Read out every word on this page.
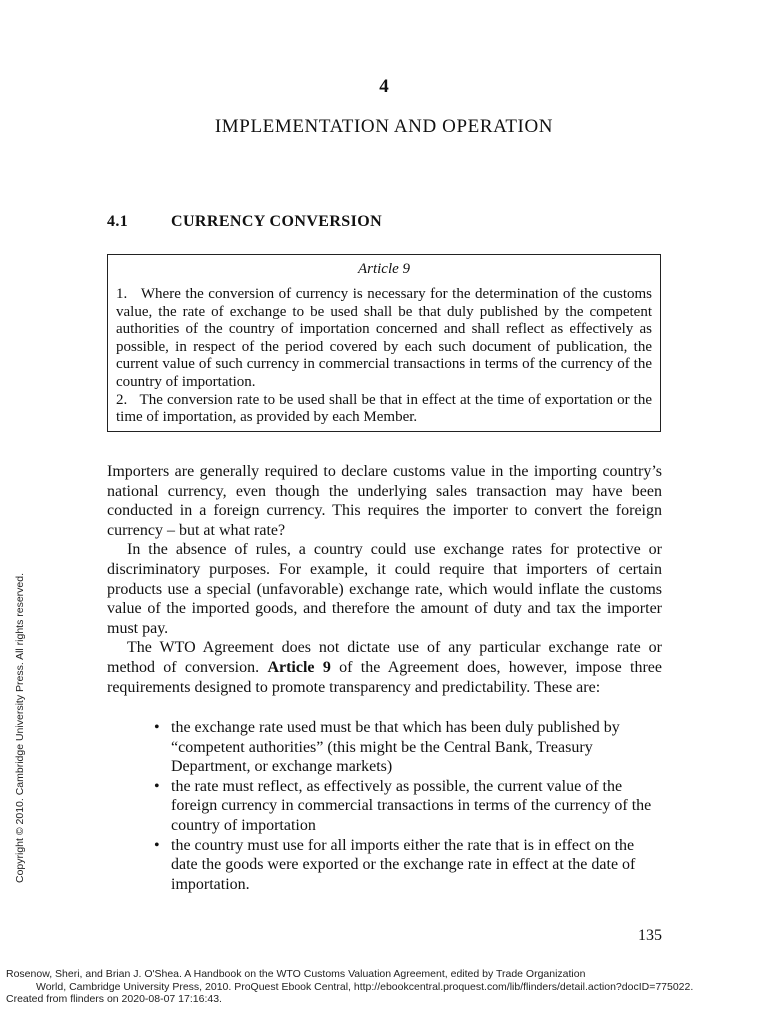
4
IMPLEMENTATION AND OPERATION
4.1	CURRENCY CONVERSION

Article 9

1.   Where the conversion of currency is necessary for the determination of the customs value, the rate of exchange to be used shall be that duly published by the competent authorities of the country of importation concerned and shall reflect as effectively as possible, in respect of the period covered by each such document of publication, the current value of such currency in commercial transactions in terms of the currency of the country of importation.

2.   The conversion rate to be used shall be that in effect at the time of exportation or the time of importation, as provided by each Member.

Importers are generally required to declare customs value in the importing country’s national currency, even though the underlying sales transaction may have been conducted in a foreign currency. This requires the importer to convert the foreign currency – but at what rate?

In the absence of rules, a country could use exchange rates for protective or discriminatory purposes. For example, it could require that importers of certain products use a special (unfavorable) exchange rate, which would inflate the customs value of the imported goods, and therefore the amount of duty and tax the importer must pay.

The WTO Agreement does not dictate use of any particular exchange rate or method of conversion. Article 9 of the Agreement does, however, impose three requirements designed to promote transparency and predictability. These are:

• the exchange rate used must be that which has been duly published by “competent authorities” (this might be the Central Bank, Treasury Department, or exchange markets)
• the rate must reflect, as effectively as possible, the current value of the foreign currency in commercial transactions in terms of the currency of the country of importation
• the country must use for all imports either the rate that is in effect on the date the goods were exported or the exchange rate in effect at the date of importation.
135
Copyright © 2010. Cambridge University Press. All rights reserved.
Rosenow, Sheri, and Brian J. O'Shea. A Handbook on the WTO Customs Valuation Agreement, edited by Trade Organization
World, Cambridge University Press, 2010. ProQuest Ebook Central, http://ebookcentral.proquest.com/lib/flinders/detail.action?docID=775022.
Created from flinders on 2020-08-07 17:16:43.
